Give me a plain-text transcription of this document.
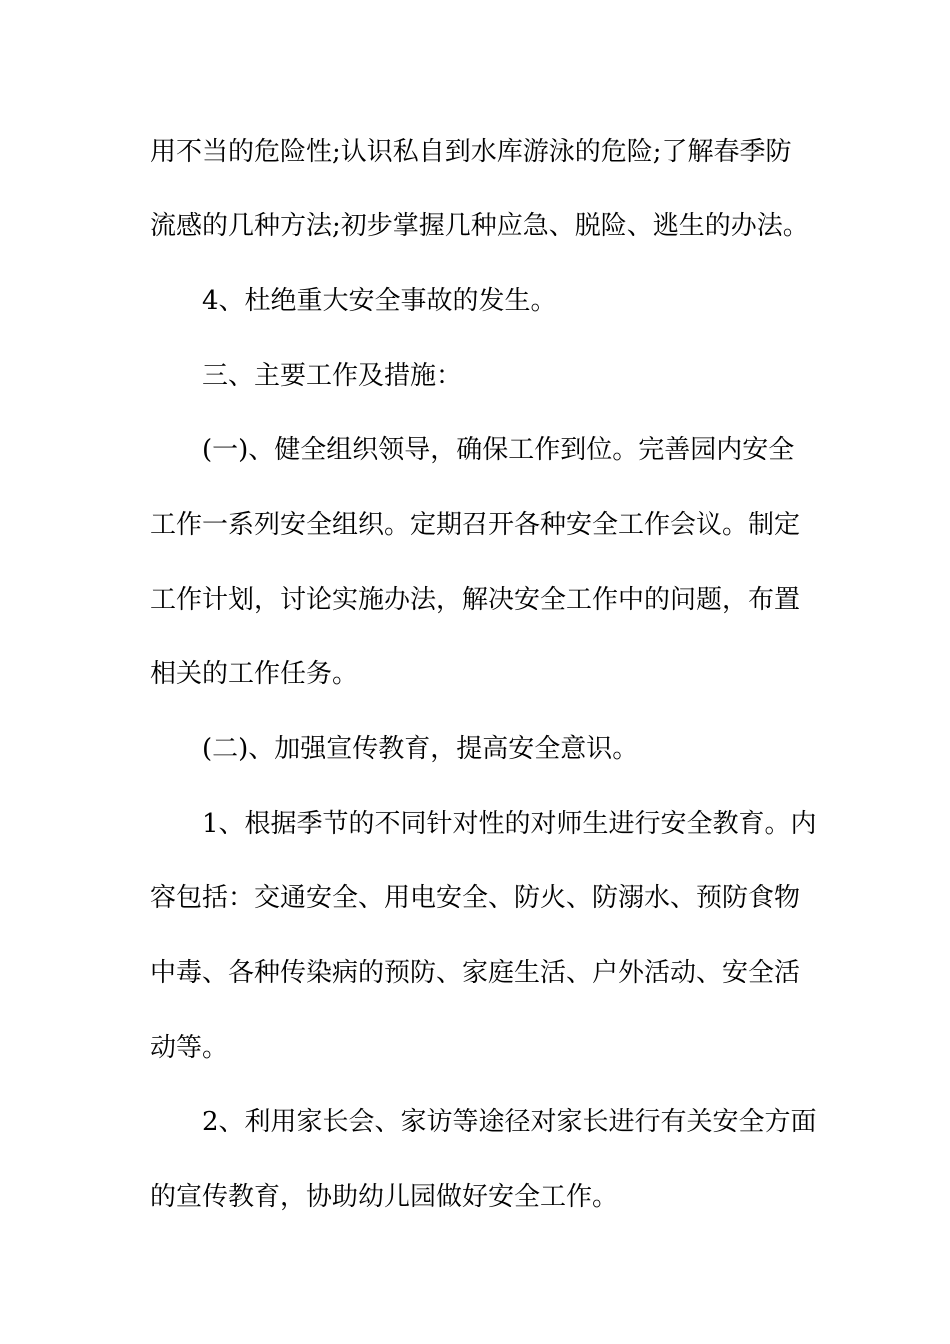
用不当的危险性;认识私自到水库游泳的危险;了解春季防

流感的几种方法;初步掌握几种应急、脱险、逃生的办法。

4、杜绝重大安全事故的发生。

三、主要工作及措施：

(一)、健全组织领导，确保工作到位。完善园内安全

工作一系列安全组织。定期召开各种安全工作会议。制定

工作计划，讨论实施办法，解决安全工作中的问题，布置

相关的工作任务。

(二)、加强宣传教育，提高安全意识。

1、根据季节的不同针对性的对师生进行安全教育。内

容包括：交通安全、用电安全、防火、防溺水、预防食物

中毒、各种传染病的预防、家庭生活、户外活动、安全活

动等。

2、利用家长会、家访等途径对家长进行有关安全方面

的宣传教育，协助幼儿园做好安全工作。
